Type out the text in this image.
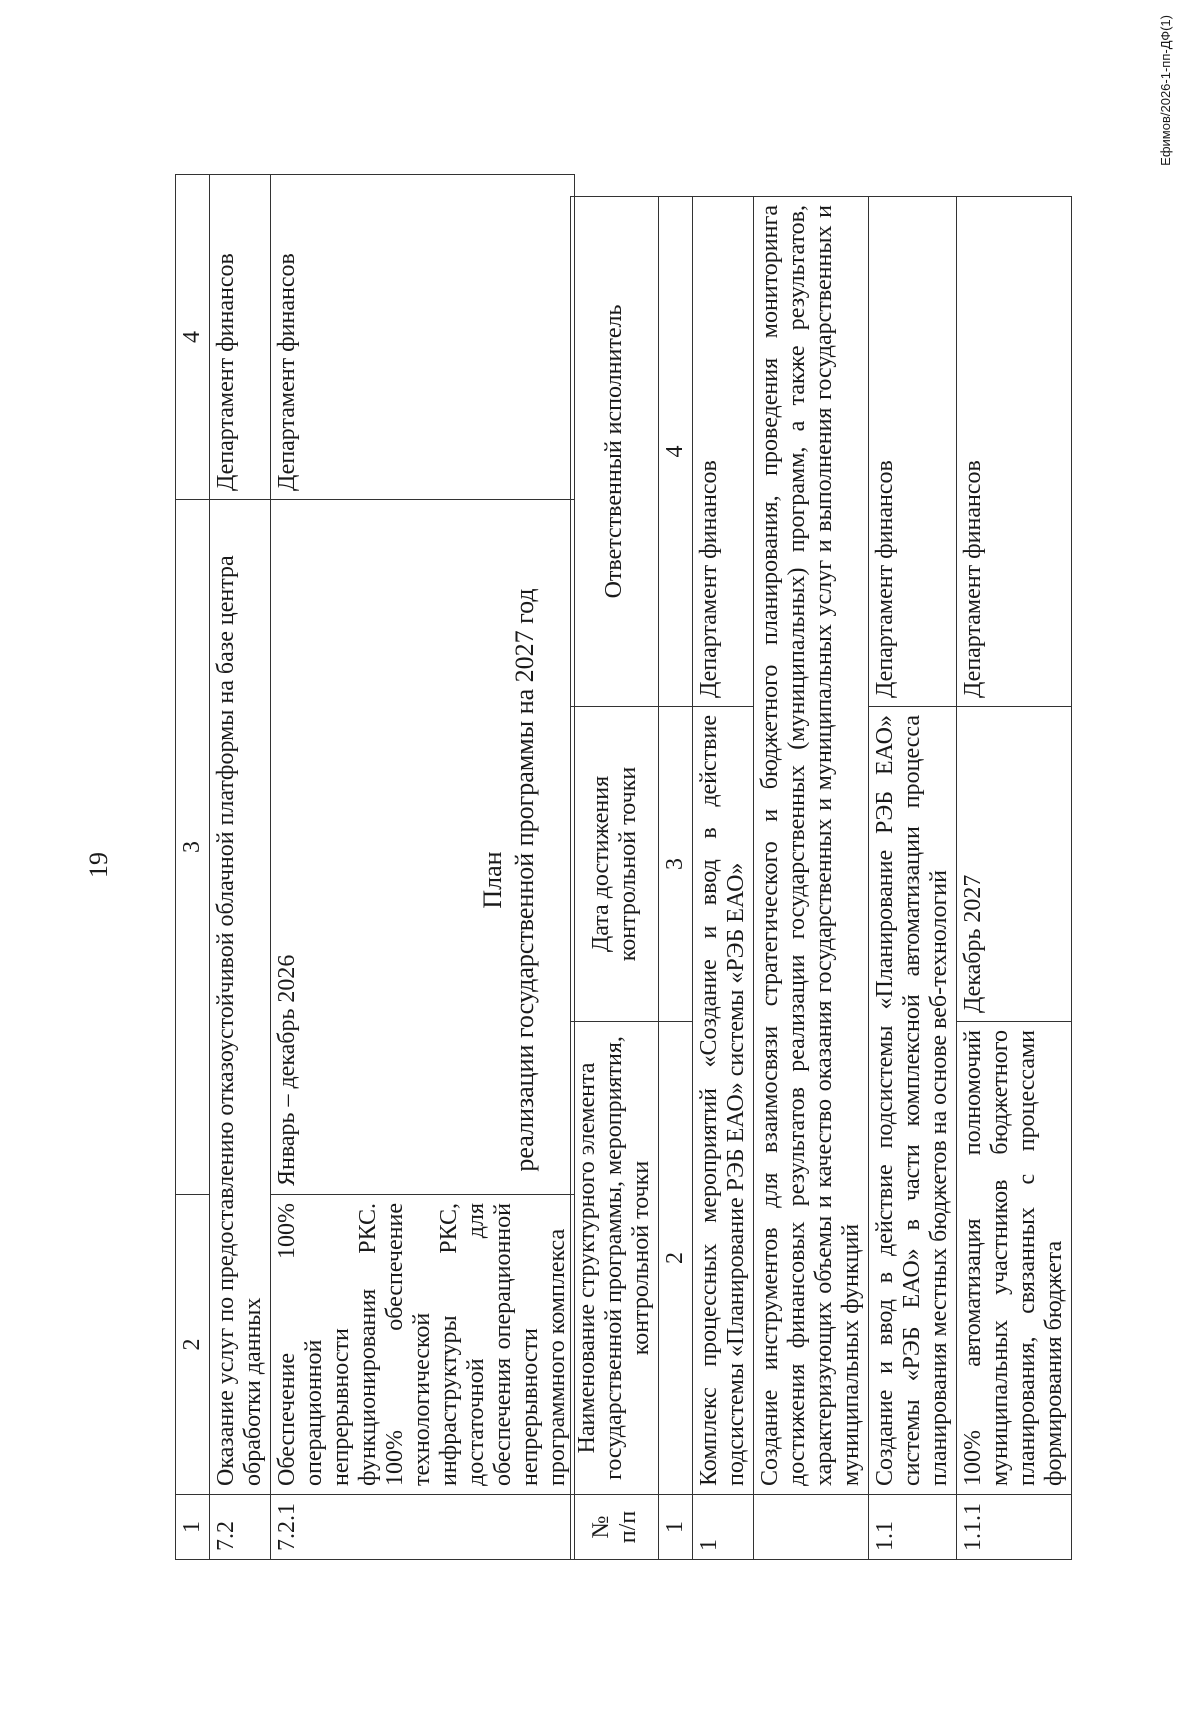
19
1	2	3	4
7.2	Оказание услуг по предоставлению отказоустойчивой облачной платформы на базе центра обработки данных		Департамент финансов
7.2.1	Обеспечение 100% операционной непрерывности функционирования РКС. 100% обеспечение технологической инфраструктуры РКС, достаточной для обеспечения операционной непрерывности программного комплекса	Январь – декабрь 2026	Департамент финансов
План реализации государственной программы на 2027 год
№ п/п	Наименование структурного элемента государственной программы, мероприятия, контрольной точки	Дата достижения контрольной точки	Ответственный исполнитель
1	2	3	4
1	Комплекс процессных мероприятий «Создание и ввод в действие подсистемы «Планирование РЭБ ЕАО» системы «РЭБ ЕАО»		Департамент финансов
	Создание инструментов для взаимосвязи стратегического и бюджетного планирования, проведения мониторинга достижения финансовых результатов реализации государственных (муниципальных) программ, а также результатов, характеризующих объемы и качество оказания государственных и муниципальных услуг и выполнения государственных и муниципальных функций		
1.1	Создание и ввод в действие подсистемы «Планирование РЭБ ЕАО» системы «РЭБ ЕАО» в части комплексной автоматизации процесса планирования местных бюджетов на основе веб-технологий		Департамент финансов
1.1.1	100% автоматизация полномочий муниципальных участников бюджетного планирования, связанных с процессами формирования бюджета	Декабрь 2027	Департамент финансов
Ефимов/2026-1-пп-ДФ(1)
